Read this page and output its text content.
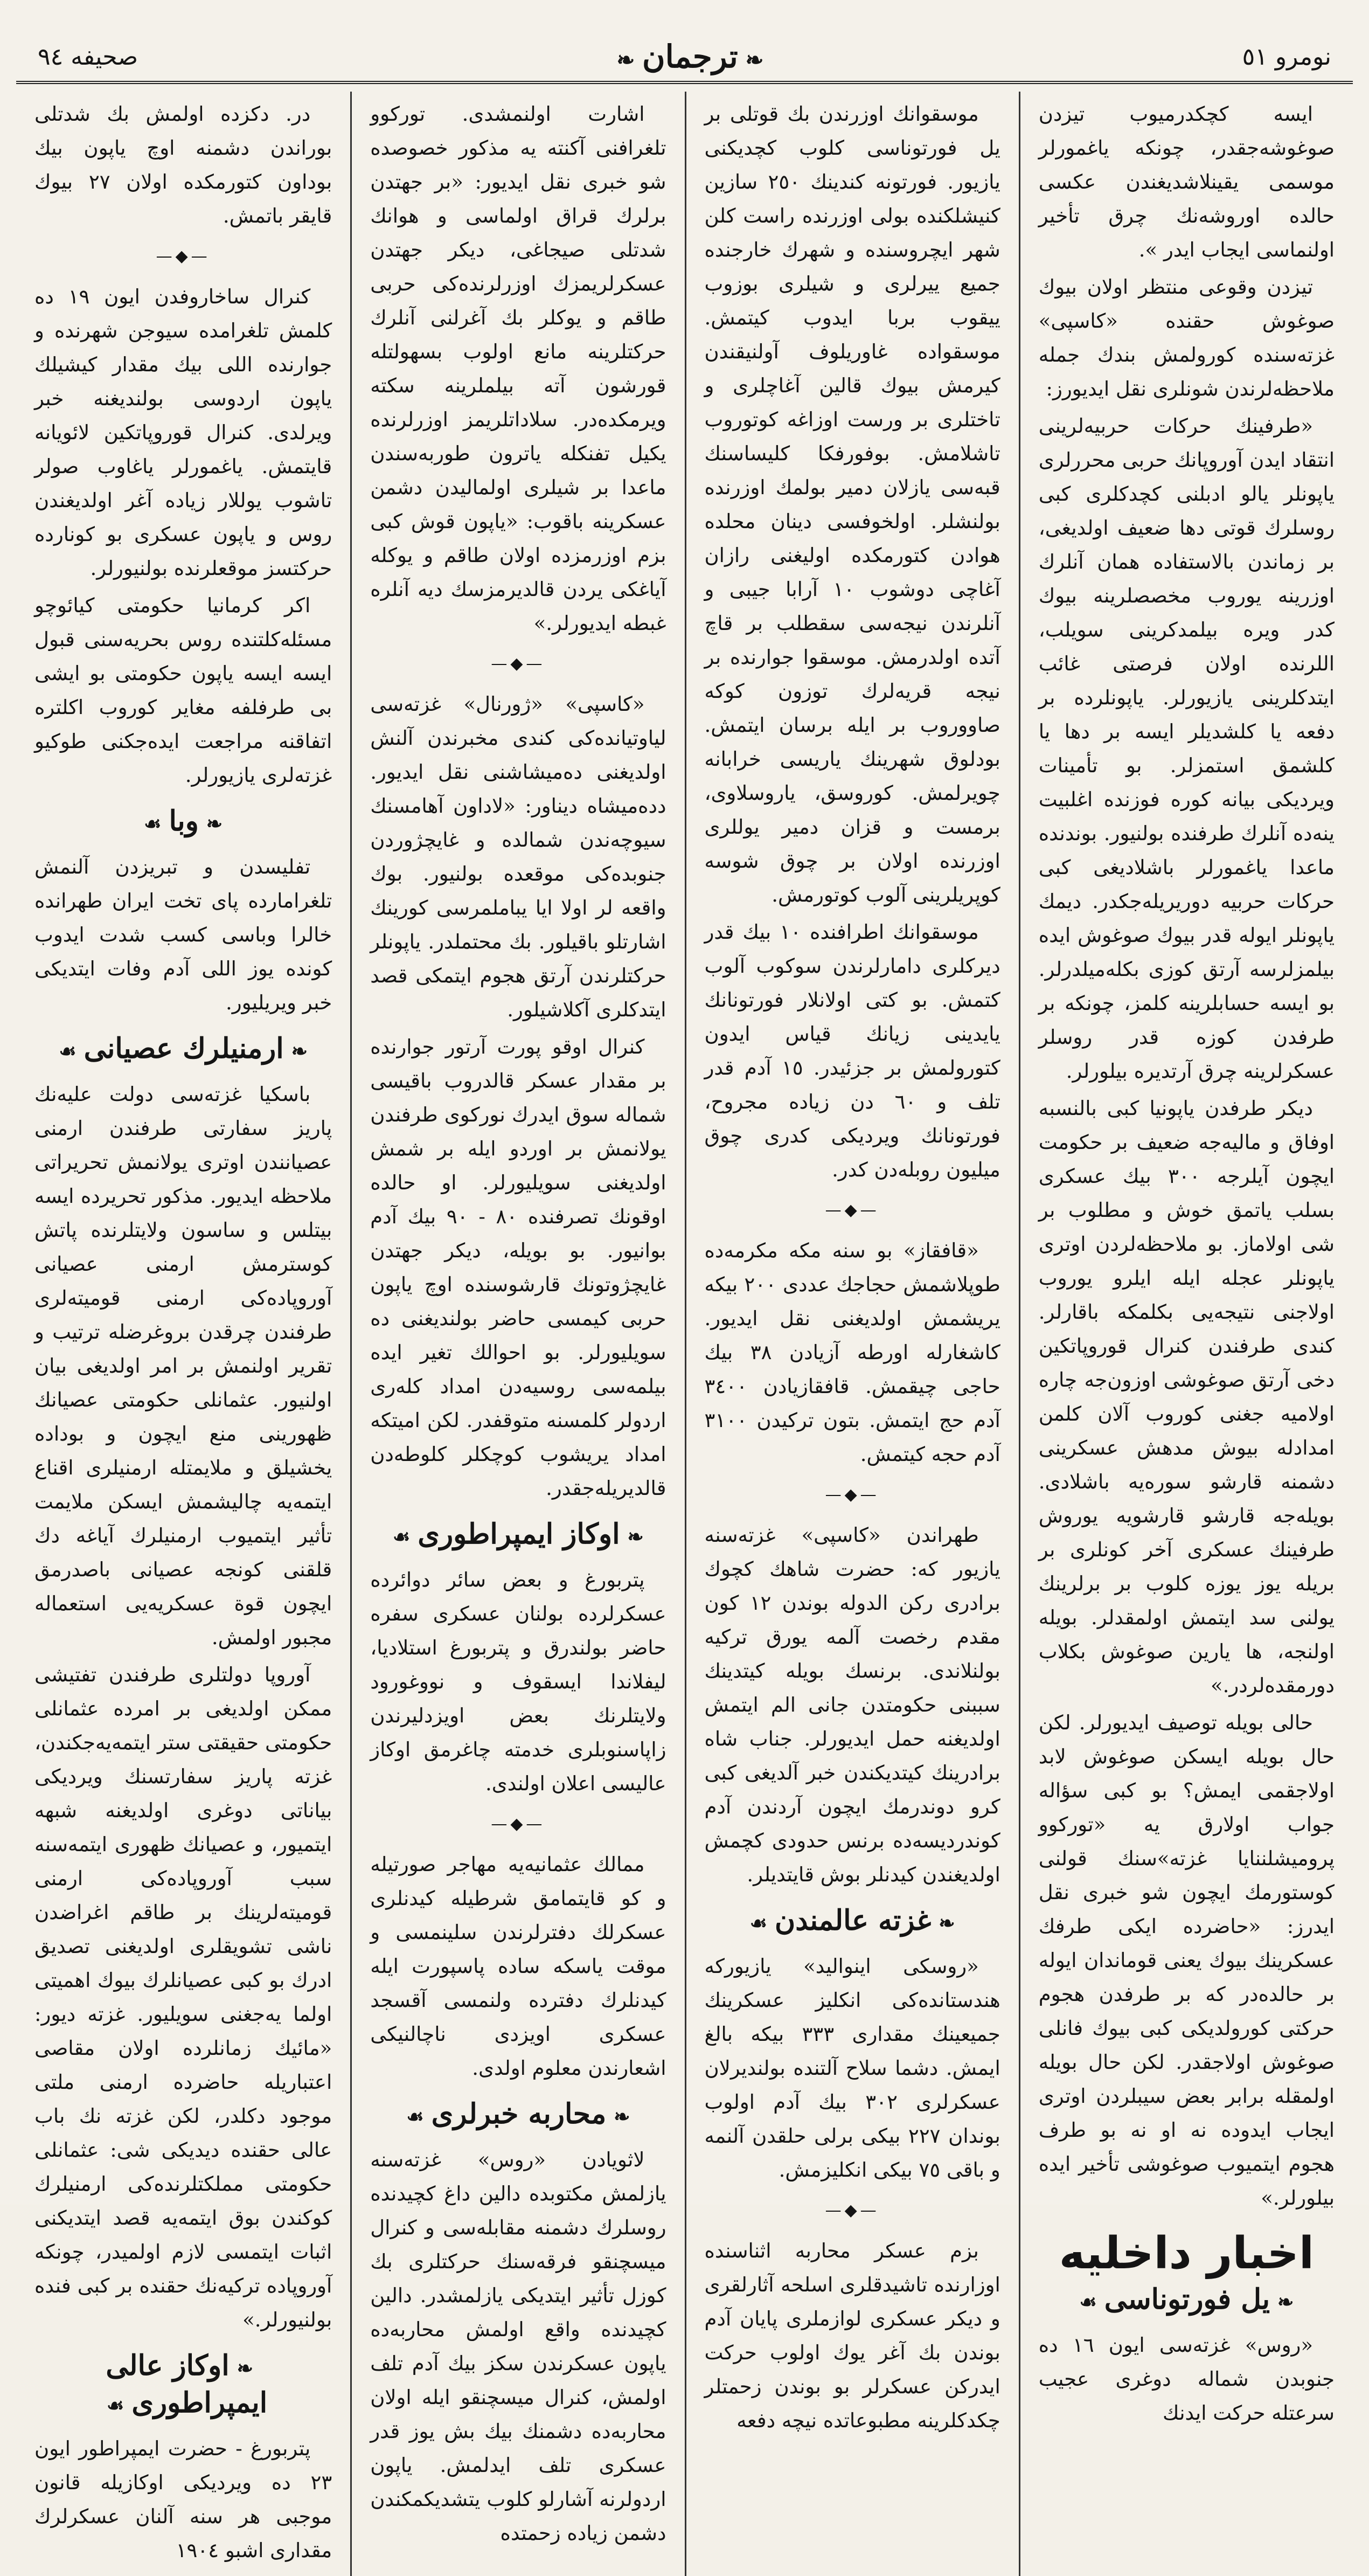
نومرو ٥١
❧ ترجمان ❧
صحيفه ٩٤

ايسه كچكدرميوب تيزدن صوغوشه‌جقدر، چونكه ياغمورلر موسمی يقينلاشديغندن عكسی حالده اوروشه‌نك چرق تأخير اولنماسی ايجاب ايدر ».

تيزدن وقوعی منتظر اولان بيوك صوغوش حقنده «كاسپی» غزته‌سنده كورولمش بندك جمله ملاحظه‌لرندن شونلری نقل ايديورز:

«طرفينك حركات حربيه‌لرينی انتقاد ايدن آوروپانك حربی محررلری ياپونلر يالو ادبلنی كچدكلری كبی روسلرك قوتی دها ضعيف اولديغی، بر زماندن بالاستفاده همان آنلرك اوزرينه يوروب مخصصلرينه بيوك كدر ويره بيلمدكرينی سويلب، اللرنده اولان فرصتی غائب ايتدكلرينی يازيورلر. ياپونلرده بر دفعه يا كلشديلر ايسه بر دها يا كلشمق استمزلر. بو تأمينات ويرديكی بيانه كوره فوزنده اغلبيت ينه‌ده آنلرك طرفنده بولنيور. بوندنده ماعدا ياغمورلر باشلاديغی كبی حركات حربيه دوريريله‌جكدر. ديمك ياپونلر ايوله قدر بيوك صوغوش ايده بيلمزلرسه آرتق كوزی بكله‌ميلدرلر. بو ايسه حسابلرينه كلمز، چونكه بر طرفدن كوزه قدر روسلر عسكرلرينه چرق آرتديره بيلورلر.

ديكر طرفدن ياپونيا كبی بالنسبه اوفاق و ماليه‌جه ضعيف بر حكومت ايچون آيلرجه ٣٠٠ بيك عسكری بسلب ياتمق خوش و مطلوب بر شی اولاماز. بو ملاحظه‌لردن اوتری ياپونلر عجله ايله ايلرو يوروب اولاجنی نتيجه‌يی بكلمكه باقارلر. كندی طرفندن كنرال قوروپاتكين دخی آرتق صوغوشی اوزون‌جه چاره اولاميه جغنی كوروب آلان كلمن امدادله بيوش مدهش عسكرينی دشمنه قارشو سوره‌يه باشلادی. بويله‌جه قارشو قارشويه يوروش طرفينك عسكری آخر كونلری بر بريله يوز يوزه كلوب بر برلرينك يولنی سد ايتمش اولمقدلر. بويله اولنجه، ها يارين صوغوش بكلاب دورمقده‌لردر.»

حالی بويله توصيف ايديورلر. لكن حال بويله ايسكن صوغوش لابد اولاجقمی ايمش؟ بو كبی سؤاله جواب اولارق يه «توركوو پروميشلننايا غزته»سنك قولنی كوستورمك ايچون شو خبری نقل ايدرز: «حاضرده ايكی طرفك عسكرينك بيوك يعنی قوماندان ايوله بر حالده‌در كه بر طرفدن هجوم حركتی كورولديكی كبی بيوك فانلی صوغوش اولاجقدر. لكن حال بويله اولمقله برابر بعض سيبلردن اوتری ايجاب ايدوده نه او نه بو طرف هجوم ايتميوب صوغوشی تأخير ايده بيلورلر.»

اخبار داخليه
❧يل فورتوناسی☙

«روس» غزته‌سی ايون ١٦ ده جنوبدن شماله دوغری عجيب سرعتله حركت ايدنك

موسقوانك اوزرندن بك قوتلی بر يل فورتوناسی كلوب كچديكنی يازيور. فورتونه كندينك ٢٥٠ سازين كنيشلكنده بولی اوزرنده راست كلن شهر ايچروسنده و شهرك خارجنده جميع ييرلری و شيلری بوزوب ييقوب بربا ايدوب كيتمش. موسقواده غاوريلوف آولنيقندن كيرمش بيوك قالين آغاچلری و تاختلری بر ورست اوزاغه كوتوروب تاشلامش. بوفورفكا كليساسنك قبه‌سی يازلان دمير بولمك اوزرنده بولنشلر. اولخوفسی دينان محلده هوادن كتورمكده اوليغنی رازان آغاچی دوشوب ١٠ آرابا جيبی و آنلرندن نيجه‌سی سقطلب بر قاچ آتده اولدرمش. موسقوا جوارنده بر نيجه قريه‌لرك توزون كوكه صاووروب بر ايله برسان ايتمش. بودلوق شهرينك ياريسی خرابانه چويرلمش. كوروسق، ياروسلاوی، برمست و قزان دمير يوللری اوزرنده اولان بر چوق شوسه كوپريلرينی آلوب كوتورمش.

موسقوانك اطرافنده ١٠ بيك قدر ديركلری دامارلرندن سوكوب آلوب كتمش. بو كتی اولانلار فورتونانك يايدينی زيانك قياس ايدون كتورولمش بر جزئيدر. ١٥ آدم قدر تلف و ٦٠ دن زياده مجروح، فورتونانك ويرديكی كدری چوق ميليون روبله‌دن كدر.

—◆—

«قافقاز» بو سنه مكه مكرمه‌ده طوپلاشمش حجاجك عددی ٢٠٠ بيكه يريشمش اولديغنی نقل ايديور. كاشغارله اورطه آزيادن ٣٨ بيك حاجی چيقمش. قافقازيادن ٣٤٠٠ آدم حج ايتمش. بتون تركيدن ٣١٠٠ آدم حجه كيتمش.

—◆—

طهراندن «كاسپی» غزته‌سنه يازيور كه: حضرت شاهك كچوك برادری ركن الدوله بوندن ١٢ كون مقدم رخصت آلمه يورق تركيه بولنلاندی. برنسك بويله كيتدينك سببنی حكومتدن جانی الم ايتمش اولديغنه حمل ايديورلر. جناب شاه برادرينك كيتديكندن خبر آلديغی كبی كرو دوندرمك ايچون آردندن آدم كوندرديسه‌ده برنس حدودی كچمش اولديغندن كيدنلر بوش قايتديلر.

❧غزته عالمندن☙

«روسكی اينواليد» يازيوركه هندستانده‌كی انكليز عسكرينك جميعينك مقداری ٣٣٣ بيكه بالغ ايمش. دشما سلاح آلتنده بولنديرلان عسكرلری ٣٠٢ بيك آدم اولوب بوندان ٢٢٧ بيكی برلی حلقدن آلنمه و باقی ٧٥ بيكی انكليزمش.

—◆—

بزم عسكر محاربه اثناسنده اوزارنده تاشيدقلری اسلحه آثارلقری و ديكر عسكری لوازملری پايان آدم بوندن بك آغر يوك اولوب حركت ايدركن عسكرلر بو بوندن زحمتلر چكدكلرينه مطبوعاتده نيچه دفعه

اشارت اولنمشدی. توركوو تلغرافنی آكنته يه مذكور خصوصده شو خبری نقل ايديور: «بر جهتدن برلرك قراق اولماسی و هوانك شدتلی صيجاغی، ديكر جهتدن عسكرلريمزك اوزرلرنده‌كی حربی طاقم و يوكلر بك آغرلنی آنلرك حركتلرينه مانع اولوب بسهولتله قورشون آته بيلملرينه سكته ويرمكده‌در. سلاداتلريمز اوزرلرنده يكيل تفنكله ياترون طوربه‌سندن ماعدا بر شيلری اولماليدن دشمن عسكرينه باقوب: «ياپون قوش كبی بزم اوزرمزده اولان طاقم و يوكله آياغكی يردن قالديرمزسك ديه آنلره غبطه ايديورلر.»

—◆—

«كاسپی» «ژورنال» غزته‌سی لياوتيانده‌كی كندی مخبرندن آلنش اولديغنی ده‌ميشاشنی نقل ايديور. دده‌ميشاه ديناور: «لاداون آهامسنك سيوچه‌ندن شمالده و غايچژوردن جنوبده‌كی موقعده بولنيور. بوك واقعه لر اولا ايا يباملمرسی كورينك اشارتلو باقيلور. بك محتملدر. ياپونلر حركتلرندن آرتق هجوم ايتمكی قصد ايتدكلری آكلاشيلور.

كنرال اوقو پورت آرتور جوارنده بر مقدار عسكر قالدروب باقيسی شماله سوق ايدرك نوركوی طرفندن يولانمش بر اوردو ايله بر شمش اولديغنی سويليورلر. او حالده اوقونك تصرفنده ٨٠ - ٩٠ بيك آدم بوانيور. بو بويله، ديكر جهتدن غايچژوتونك قارشوسنده اوچ ياپون حربی كيمسی حاضر بولنديغنی ده سويليورلر. بو احوالك تغير ايده بيلمه‌سی روسيه‌دن امداد كله‌ری اردولر كلمسنه متوقفدر. لكن اميتكه امداد يريشوب كوچكلر كلوطه‌دن قالديريله‌جقدر.

❧اوكاز ايمپراطوری☙

پتربورغ و بعض سائر دوائرده عسكرلرده بولنان عسكری سفره حاضر بولندرق و پتربورغ استلاديا، ليفلاندا ايسقوف و نووغورود ولايتلرنك بعض اويزدليرندن زاپاسنوبلری خدمته چاغرمق اوكاز عاليسی اعلان اولندی.

—◆—

ممالك عثمانيه‌يه مهاجر صورتيله و كو قايتمامق شرطيله كيدنلری عسكرلك دفترلرندن سلينمسی و موقت ياسكه ساده پاسپورت ايله كيدنلرك دفترده ولنمسی آقسجد عسكری اويزدی ناچالنيكی اشعارندن معلوم اولدی.

❧محاربه خبرلری☙

لاثويادن «روس» غزته‌سنه يازلمش مكتوبده دالين داغ كچيدنده روسلرك دشمنه مقابله‌سی و كنرال ميسچنقو فرقه‌سنك حركتلری بك كوزل تأثير ايتديكی يازلمشدر. دالين كچيدنده واقع اولمش محاربه‌ده ياپون عسكرندن سكز بيك آدم تلف اولمش، كنرال ميسچنقو ايله اولان محاربه‌ده دشمنك بيك بش يوز قدر عسكری تلف ايدلمش. ياپون اردولرنه آشارلو كلوب يتشديكمكندن دشمن زياده زحمتده

در. دكزده اولمش بك شدتلی بوراندن دشمنه اوچ ياپون بيك بوداون كتورمكده اولان ٢٧ بيوك قايقر باتمش.

—◆—

كنرال ساخاروفدن ايون ١٩ ده كلمش تلغرامده سيوجن شهرنده و جوارنده اللی بيك مقدار كيشيلك ياپون اردوسی بولنديغنه خبر ويرلدی. كنرال قوروپاتكين لائويانه قايتمش. ياغمورلر ياغاوب صولر تاشوب يوللار زياده آغر اولديغندن روس و ياپون عسكری بو كونارده حركتسز موقعلرنده بولنيورلر.

اكر كرمانيا حكومتی كيائوچو مسئله‌كلتنده روس بحريه‌سنی قبول ايسه ايسه ياپون حكومتی بو ايشی بی طرفلفه مغاير كوروب اكلتره اتفاقنه مراجعت ايده‌جكنی طوكيو غزته‌لری يازيورلر.

❧وبا☙

تفليسدن و تبريزدن آلنمش تلغرامارده پای تخت ايران طهرانده خالرا وباسی كسب شدت ايدوب كونده يوز اللی آدم وفات ايتديكی خبر ويريليور.

❧ارمنيلرك عصيانی☙

باسكيا غزته‌سی دولت عليه‌نك پاريز سفارتی طرفندن ارمنی عصيانندن اوتری يولانمش تحريراتی ملاحظه ايديور. مذكور تحريرده ايسه بيتلس و ساسون ولايتلرنده پاتش كوسترمش ارمنی عصيانی آوروپاده‌كی ارمنی قوميته‌لری طرفندن چرقدن بروغرضله ترتيب و تقرير اولنمش بر امر اولديغی بيان اولنيور. عثمانلی حكومتی عصيانك ظهورينی منع ايچون و بوداده يخشيلق و ملايمتله ارمنيلری اقناع ايتمه‌يه چاليشمش ايسكن ملايمت تأثير ايتميوب ارمنيلرك آياغه دك قلقنی كونجه عصيانی باصدرمق ايچون قوة عسكريه‌يی استعماله مجبور اولمش.

آوروپا دولتلری طرفندن تفتيشی ممكن اولديغی بر امرده عثمانلی حكومتی حقيقتی ستر ايتمه‌يه‌جكندن، غزته پاريز سفارتسنك ويرديكی بياناتی دوغری اولديغنه شبهه ايتميور، و عصيانك ظهوری ايتمه‌سنه سبب آوروپاده‌كی ارمنی قوميته‌لرينك بر طاقم اغراضدن ناشی تشويقلری اولديغنی تصديق ادرك بو كبی عصيانلرك بيوك اهميتی اولما يه‌جغنی سويليور. غزته ديور: «مائيك زمانلرده اولان مقاصی اعتباريله حاضرده ارمنی ملتی موجود دكلدر، لكن غزته نك باب عالی حقنده ديديكی شی: عثمانلی حكومتی مملكتلرنده‌كی ارمنيلرك كوكندن بوق ايتمه‌يه قصد ايتديكنی اثبات ايتمسی لازم اولميدر، چونكه آوروپاده تركيه‌نك حقنده بر كبی فنده بولنيورلر.»

❧اوكاز عالی ايمپراطوری☙

پتربورغ - حضرت ايمپراطور ايون ٢٣ ده ويرديكی اوكازيله قانون موجبی هر سنه آلنان عسكرلرك مقداری اشبو ١٩٠٤
